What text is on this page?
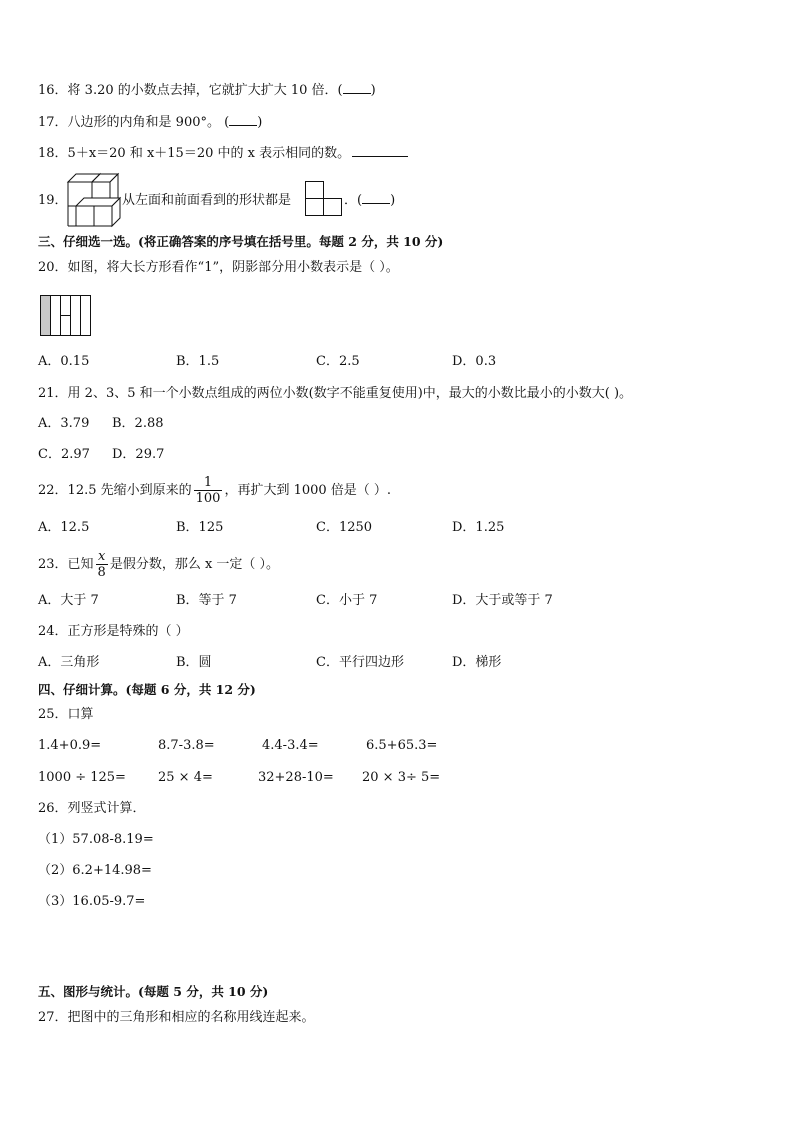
16．将 3.20 的小数点去掉，它就扩大扩大 10 倍．( )
17．八边形的内角和是 900°。 ( )
18．5＋x＝20 和 x＋15＝20 中的 x 表示相同的数。
19．	从左面和前面看到的形状都是	．( )
三、仔细选一选。(将正确答案的序号填在括号里。每题 2 分，共 10 分)
20．如图，将大长方形看作“1”，阴影部分用小数表示是（ ）。
A．0.15	B．1.5	C．2.5	D．0.3
21．用 2、3、5 和一个小数点组成的两位小数(数字不能重复使用)中，最大的小数比最小的小数大( )。
A．3.79 B．2.88
C．2.97 D．29.7
22．12.5 先缩小到原来的 $\frac{1}{100}$ ，再扩大到 1000 倍是（ ）.
A．12.5	B．125	C．1250	D．1.25
23．已知 $\frac{x}{8}$ 是假分数，那么 x 一定（ ）。
A．大于 7	B．等于 7	C．小于 7	D．大于或等于 7
24．正方形是特殊的（ ）
A．三角形	B．圆	C．平行四边形	D．梯形
四、仔细计算。(每题 6 分，共 12 分)
25．口算
1.4+0.9=	8.7-3.8=	4.4-3.4=	6.5+65.3=
1000 ÷ 125= 25 × 4=	32+28-10= 20 × 3÷ 5=
26．列竖式计算．
（1）57.08-8.19=
（2）6.2+14.98=
（3）16.05-9.7=
五、图形与统计。(每题 5 分，共 10 分)
27．把图中的三角形和相应的名称用线连起来。
